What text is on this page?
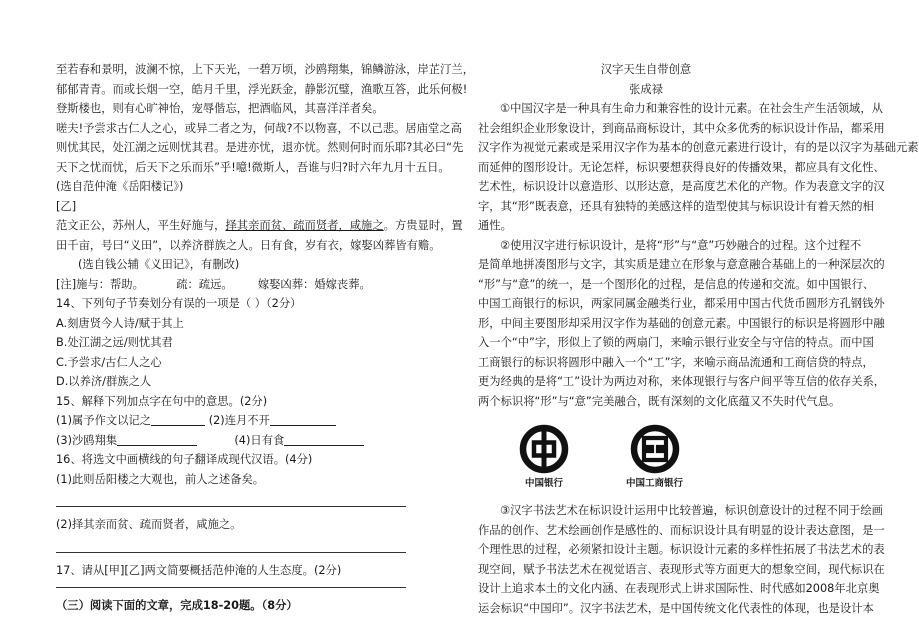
至若春和景明，波澜不惊，上下天光，一碧万顷，沙鸥翔集，锦鳞游泳，岸芷汀兰，
郁郁青青。而或长烟一空，皓月千里，浮光跃金，静影沉璧，渔歌互答，此乐何极!
登斯楼也，则有心旷神怡，宠辱偕忘，把酒临风，其喜洋洋者矣。
嗟夫!予尝求古仁人之心，或异二者之为，何哉?不以物喜，不以己悲。居庙堂之高
则忧其民，处江湖之远则忧其君。是进亦忧，退亦忧。然则何时而乐耶?其必曰“先
天下之忧而忧，后天下之乐而乐”乎!噫!微斯人，吾谁与归?时六年九月十五日。
(选自范仲淹《岳阳楼记》)
[乙]
范文正公，苏州人，平生好施与，择其亲而贫、疏而贤者，咸施之。方贵显时，置
田千亩，号曰“义田”，以养济群族之人。日有食，岁有衣，嫁娶凶葬皆有赡。
(选自钱公辅《义田记》，有删改)
[注]施与：帮助。         疏：疏远。       嫁娶凶葬：婚嫁丧葬。
14、下列句子节奏划分有误的一项是（ ）（2分）
A.刻唐贤今人诗/赋于其上
B.处江湖之远/则忧其君
C.予尝求/古仁人之心
D.以养济/群族之人
15、解释下列加点字在句中的意思。(2分)
(1)属予作文以记之	(2)连月不开
(3)沙鸥翔集	(4)日有食
16、将选文中画横线的句子翻译成现代汉语。(4分)
(1)此则岳阳楼之大观也，前人之述备矣。
(2)择其亲而贫、疏而贤者，咸施之。
17、请从[甲][乙]两文简要概括范仲淹的人生态度。(2分)
（三）阅读下面的文章，完成18-20题。（8分）
汉字天生自带创意
张成禄
①中国汉字是一种具有生命力和兼容性的设计元素。在社会生产生活领域，从
社会组织企业形象设计，到商品商标设计，其中众多优秀的标识设计作品，都采用
汉字作为视觉元素或是采用汉字作为基本的创意元素进行设计，有的是以汉字为基础元素
而延伸的图形设计。无论怎样，标识要想获得良好的传播效果，都应具有文化性、
艺术性，标识设计以意造形、以形达意，是高度艺术化的产物。作为表意文字的汉
字，其“形”既表意，还具有独特的美感这样的造型使其与标识设计有着天然的相
通性。
②使用汉字进行标识设计，是将“形”与“意”巧妙融合的过程。这个过程不
是简单地拼凑图形与文字，其实质是建立在形象与意意融合基础上的一种深层次的
“形”与“意”的统一，是一个图形化的过程，是信息的传递和交流。如中国银行、
中国工商银行的标识，两家同属金融类行业，都采用中国古代货币圆形方孔钢钱外
形，中间主要图形却采用汉字作为基础的创意元素。中国银行的标识是将圆形中融
入一个“中”字，形似上了锁的两扇门，来喻示银行业安全与守信的特点。而中国
工商银行的标识将圆形中融入一个“工”字，来喻示商品流通和工商信贷的特点，
更为经典的是将“工”设计为两边对称，来体现银行与客户间平等互信的依存关系，
两个标识将“形”与“意”完美融合，既有深刻的文化底蕴又不失时代气息。
中国银行	中国工商银行
③汉字书法艺术在标识设计运用中比较普遍，标识创意设计的过程不同于绘画
作品的创作、艺术绘画创作是感性的、而标识设计具有明显的设计表达意图，是一
个理性思的过程，必须紧扣设计主题。标识设计元素的多样性拓展了书法艺术的表
现空间，赋予书法艺术在视觉语言、表现形式等方面更大的想象空间，现代标识在
设计上追求本土的文化内涵、在表现形式上讲求国际性、时代感如2008年北京奥
运会标识“中国印”。汉字书法艺术，是中国传统文化代表性的体现，也是设计本
